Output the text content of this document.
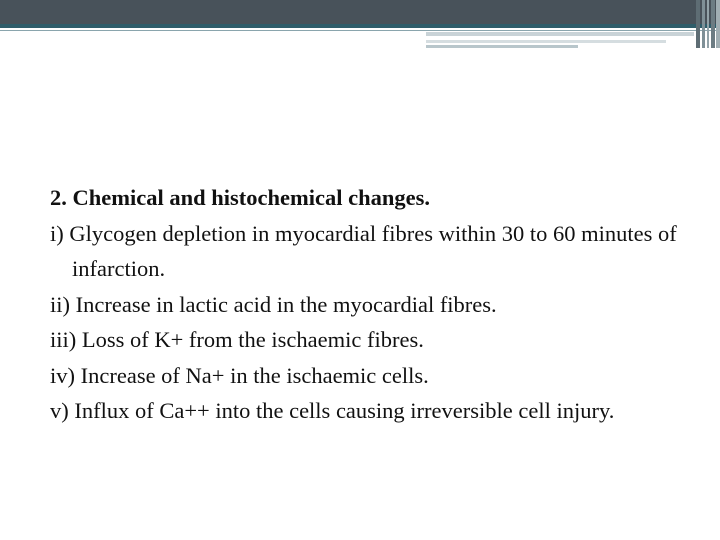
2. Chemical and histochemical changes.

i) Glycogen depletion in myocardial fibres within 30 to 60 minutes of infarction.

ii) Increase in lactic acid in the myocardial fibres.

iii) Loss of K+ from the ischaemic fibres.

iv) Increase of Na+ in the ischaemic cells.

v) Influx of Ca++ into the cells causing irreversible cell injury.
